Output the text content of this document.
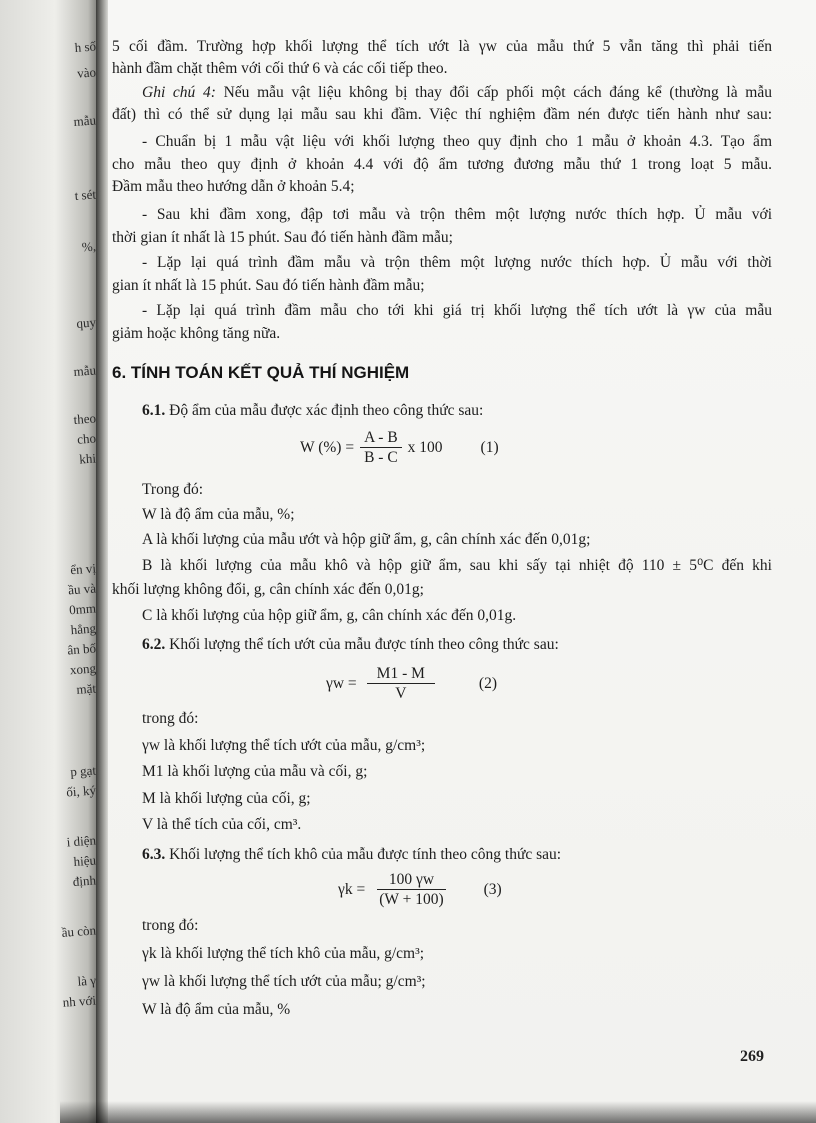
h số
vào
mẫu
t sét
%,
quy
mẫu
theo
cho
khi
ển vị
ầu và
0mm
hẳng
ân bố
xong
mặt
p gạt
ối, ký
i diện
hiệu
định
ầu còn
là γ
nh với
5 cối đầm. Trường hợp khối lượng thể tích ướt là γw của mẫu thứ 5 vẫn tăng thì phải tiến
hành đầm chặt thêm với cối thứ 6 và các cối tiếp theo.
Ghi chú 4: Nếu mẫu vật liệu không bị thay đổi cấp phối một cách đáng kể (thường là mẫu
đất) thì có thể sử dụng lại mẫu sau khi đầm. Việc thí nghiệm đầm nén được tiến hành như sau:
- Chuẩn bị 1 mẫu vật liệu với khối lượng theo quy định cho 1 mẫu ở khoản 4.3. Tạo ẩm
cho mẫu theo quy định ở khoản 4.4 với độ ẩm tương đương mẫu thứ 1 trong loạt 5 mẫu.
Đầm mẫu theo hướng dẫn ở khoản 5.4;
- Sau khi đầm xong, đập tơi mẫu và trộn thêm một lượng nước thích hợp. Ủ mẫu với
thời gian ít nhất là 15 phút. Sau đó tiến hành đầm mẫu;
- Lặp lại quá trình đầm mẫu và trộn thêm một lượng nước thích hợp. Ủ mẫu với thời
gian ít nhất là 15 phút. Sau đó tiến hành đầm mẫu;
- Lặp lại quá trình đầm mẫu cho tới khi giá trị khối lượng thể tích ướt là γw của mẫu
giảm hoặc không tăng nữa.
6. TÍNH TOÁN KẾT QUẢ THÍ NGHIỆM
6.1. Độ ẩm của mẫu được xác định theo công thức sau:
W (%) = $\frac{A - B}{B - C}$ x 100 (1)
Trong đó:
W là độ ẩm của mẫu, %;
A là khối lượng của mẫu ướt và hộp giữ ẩm, g, cân chính xác đến 0,01g;
B là khối lượng của mẫu khô và hộp giữ ẩm, sau khi sấy tại nhiệt độ 110 ± 5⁰C đến khi
khối lượng không đổi, g, cân chính xác đến 0,01g;
C là khối lượng của hộp giữ ẩm, g, cân chính xác đến 0,01g.
6.2. Khối lượng thể tích ướt của mẫu được tính theo công thức sau:
$\gamma w = \frac{M1 - M}{V}$	(2)
trong đó:
γw là khối lượng thể tích ướt của mẫu, g/cm³;
M1 là khối lượng của mẫu và cối, g;
M là khối lượng của cối, g;
V là thể tích của cối, cm³.
6.3. Khối lượng thể tích khô của mẫu được tính theo công thức sau:
$\gamma k = \frac{100 \gamma w}{(W + 100)} (3)$
trong đó:
γk là khối lượng thể tích khô của mẫu, g/cm³;
γw là khối lượng thể tích ướt của mẫu; g/cm³;
W là độ ẩm của mẫu, %
269
